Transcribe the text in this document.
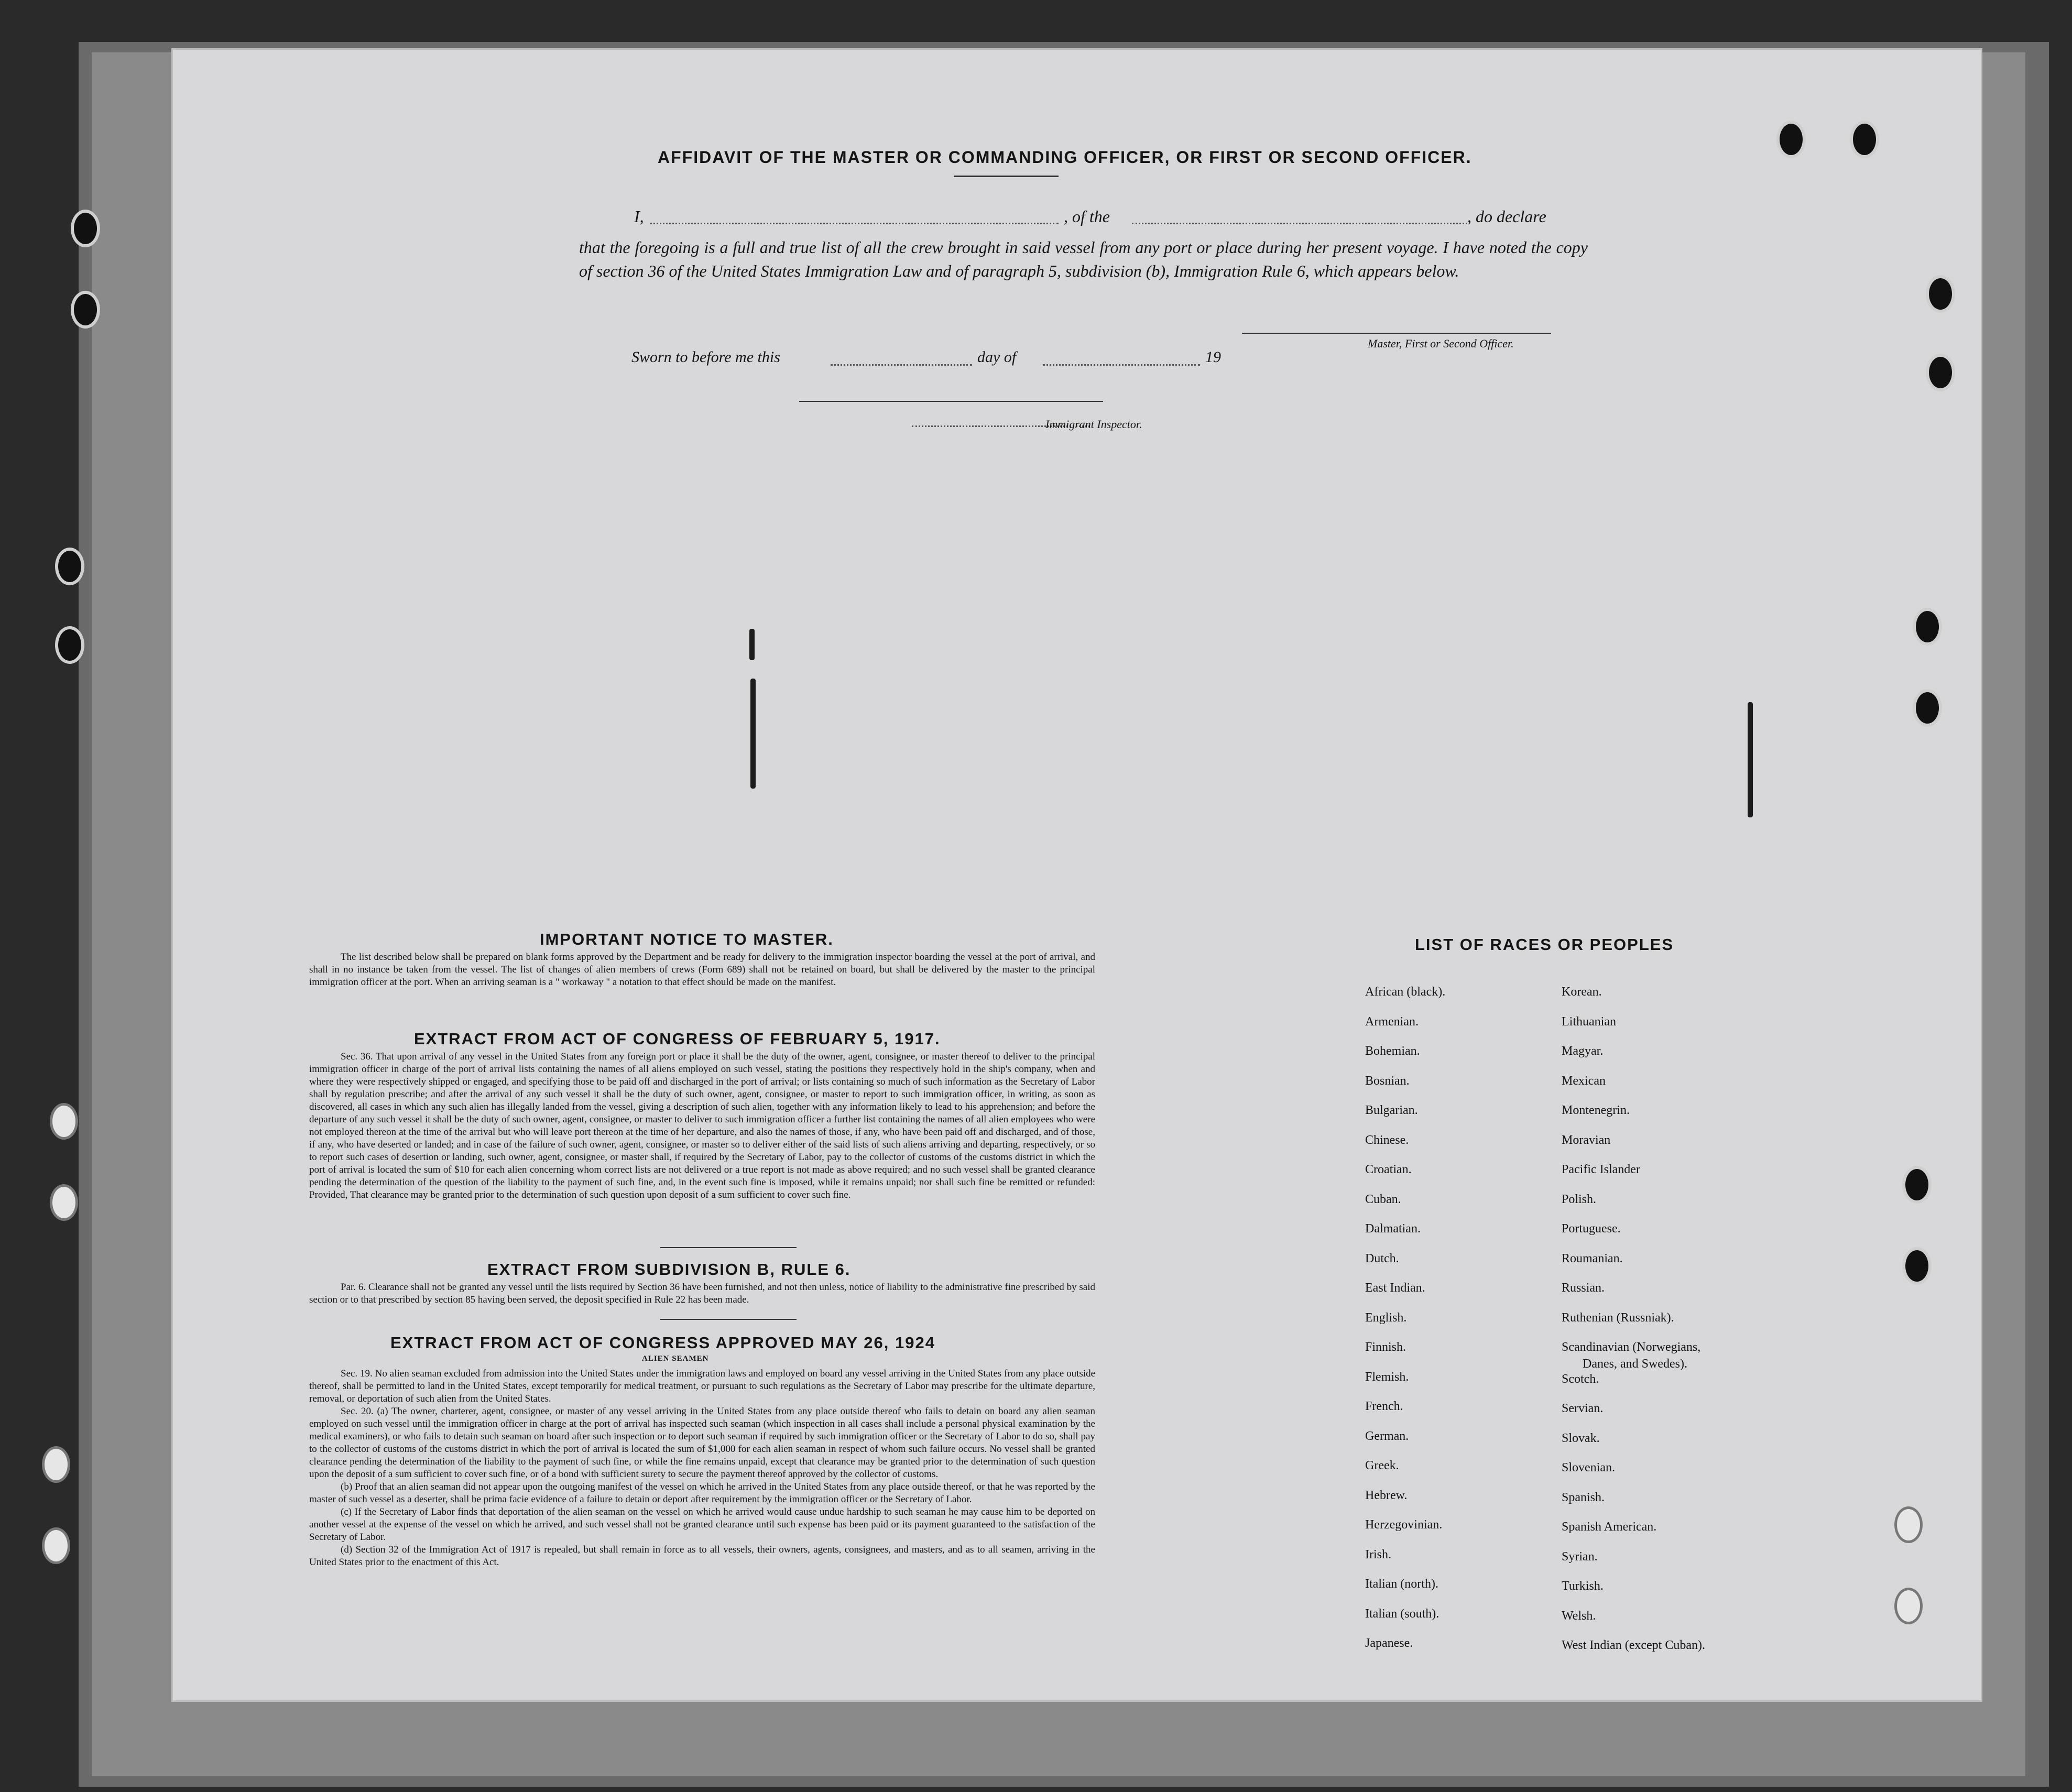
AFFIDAVIT OF THE MASTER OR COMMANDING OFFICER, OR FIRST OR SECOND OFFICER.
I,	, of the	, do declare
that the foregoing is a full and true list of all the crew brought in said vessel from any port or place during her present voyage. I have noted the copy of section 36 of the United States Immigration Law and of paragraph 5, subdivision (b), Immigration Rule 6, which appears below.
Master, First or Second Officer.
Sworn to before me this	day of	19
Immigrant Inspector.
IMPORTANT NOTICE TO MASTER.
The list described below shall be prepared on blank forms approved by the Department and be ready for delivery to the immigration inspector boarding the vessel at the port of arrival, and shall in no instance be taken from the vessel. The list of changes of alien members of crews (Form 689) shall not be retained on board, but shall be delivered by the master to the principal immigration officer at the port. When an arriving seaman is a " workaway " a notation to that effect should be made on the manifest.
EXTRACT FROM ACT OF CONGRESS OF FEBRUARY 5, 1917.
Sec. 36. That upon arrival of any vessel in the United States from any foreign port or place it shall be the duty of the owner, agent, consignee, or master thereof to deliver to the principal immigration officer in charge of the port of arrival lists containing the names of all aliens employed on such vessel, stating the positions they respectively hold in the ship's company, when and where they were respectively shipped or engaged, and specifying those to be paid off and discharged in the port of arrival; or lists containing so much of such information as the Secretary of Labor shall by regulation prescribe; and after the arrival of any such vessel it shall be the duty of such owner, agent, consignee, or master to report to such immigration officer, in writing, as soon as discovered, all cases in which any such alien has illegally landed from the vessel, giving a description of such alien, together with any information likely to lead to his apprehension; and before the departure of any such vessel it shall be the duty of such owner, agent, consignee, or master to deliver to such immigration officer a further list containing the names of all alien employees who were not employed thereon at the time of the arrival but who will leave port thereon at the time of her departure, and also the names of those, if any, who have been paid off and discharged, and of those, if any, who have deserted or landed; and in case of the failure of such owner, agent, consignee, or master so to deliver either of the said lists of such aliens arriving and departing, respectively, or so to report such cases of desertion or landing, such owner, agent, consignee, or master shall, if required by the Secretary of Labor, pay to the collector of customs of the customs district in which the port of arrival is located the sum of $10 for each alien concerning whom correct lists are not delivered or a true report is not made as above required; and no such vessel shall be granted clearance pending the determination of the question of the liability to the payment of such fine, and, in the event such fine is imposed, while it remains unpaid; nor shall such fine be remitted or refunded: Provided, That clearance may be granted prior to the determination of such question upon deposit of a sum sufficient to cover such fine.
EXTRACT FROM SUBDIVISION B, RULE 6.
Par. 6. Clearance shall not be granted any vessel until the lists required by Section 36 have been furnished, and not then unless, notice of liability to the administrative fine prescribed by said section or to that prescribed by section 85 having been served, the deposit specified in Rule 22 has been made.
EXTRACT FROM ACT OF CONGRESS APPROVED MAY 26, 1924
ALIEN SEAMEN
Sec. 19. No alien seaman excluded from admission into the United States under the immigration laws and employed on board any vessel arriving in the United States from any place outside thereof, shall be permitted to land in the United States, except temporarily for medical treatment, or pursuant to such regulations as the Secretary of Labor may prescribe for the ultimate departure, removal, or deportation of such alien from the United States.
Sec. 20. (a) The owner, charterer, agent, consignee, or master of any vessel arriving in the United States from any place outside thereof who fails to detain on board any alien seaman employed on such vessel until the immigration officer in charge at the port of arrival has inspected such seaman (which inspection in all cases shall include a personal physical examination by the medical examiners), or who fails to detain such seaman on board after such inspection or to deport such seaman if required by such immigration officer or the Secretary of Labor to do so, shall pay to the collector of customs of the customs district in which the port of arrival is located the sum of $1,000 for each alien seaman in respect of whom such failure occurs. No vessel shall be granted clearance pending the determination of the liability to the payment of such fine, or while the fine remains unpaid, except that clearance may be granted prior to the determination of such question upon the deposit of a sum sufficient to cover such fine, or of a bond with sufficient surety to secure the payment thereof approved by the collector of customs.
(b) Proof that an alien seaman did not appear upon the outgoing manifest of the vessel on which he arrived in the United States from any place outside thereof, or that he was reported by the master of such vessel as a deserter, shall be prima facie evidence of a failure to detain or deport after requirement by the immigration officer or the Secretary of Labor.
(c) If the Secretary of Labor finds that deportation of the alien seaman on the vessel on which he arrived would cause undue hardship to such seaman he may cause him to be deported on another vessel at the expense of the vessel on which he arrived, and such vessel shall not be granted clearance until such expense has been paid or its payment guaranteed to the satisfaction of the Secretary of Labor.
(d) Section 32 of the Immigration Act of 1917 is repealed, but shall remain in force as to all vessels, their owners, agents, consignees, and masters, and as to all seamen, arriving in the United States prior to the enactment of this Act.
LIST OF RACES OR PEOPLES
African (black).
Armenian.
Bohemian.
Bosnian.
Bulgarian.
Chinese.
Croatian.
Cuban.
Dalmatian.
Dutch.
East Indian.
English.
Finnish.
Flemish.
French.
German.
Greek.
Hebrew.
Herzegovinian.
Irish.
Italian (north).
Italian (south).
Japanese.
Korean.
Lithuanian
Magyar.
Mexican
Montenegrin.
Moravian
Pacific Islander
Polish.
Portuguese.
Roumanian.
Russian.
Ruthenian (Russniak).
Scandinavian (Norwegians,
Scotch.
Servian.
Slovak.
Slovenian.
Spanish.
Spanish American.
Syrian.
Turkish.
Welsh.
West Indian (except Cuban).
Danes, and Swedes).
